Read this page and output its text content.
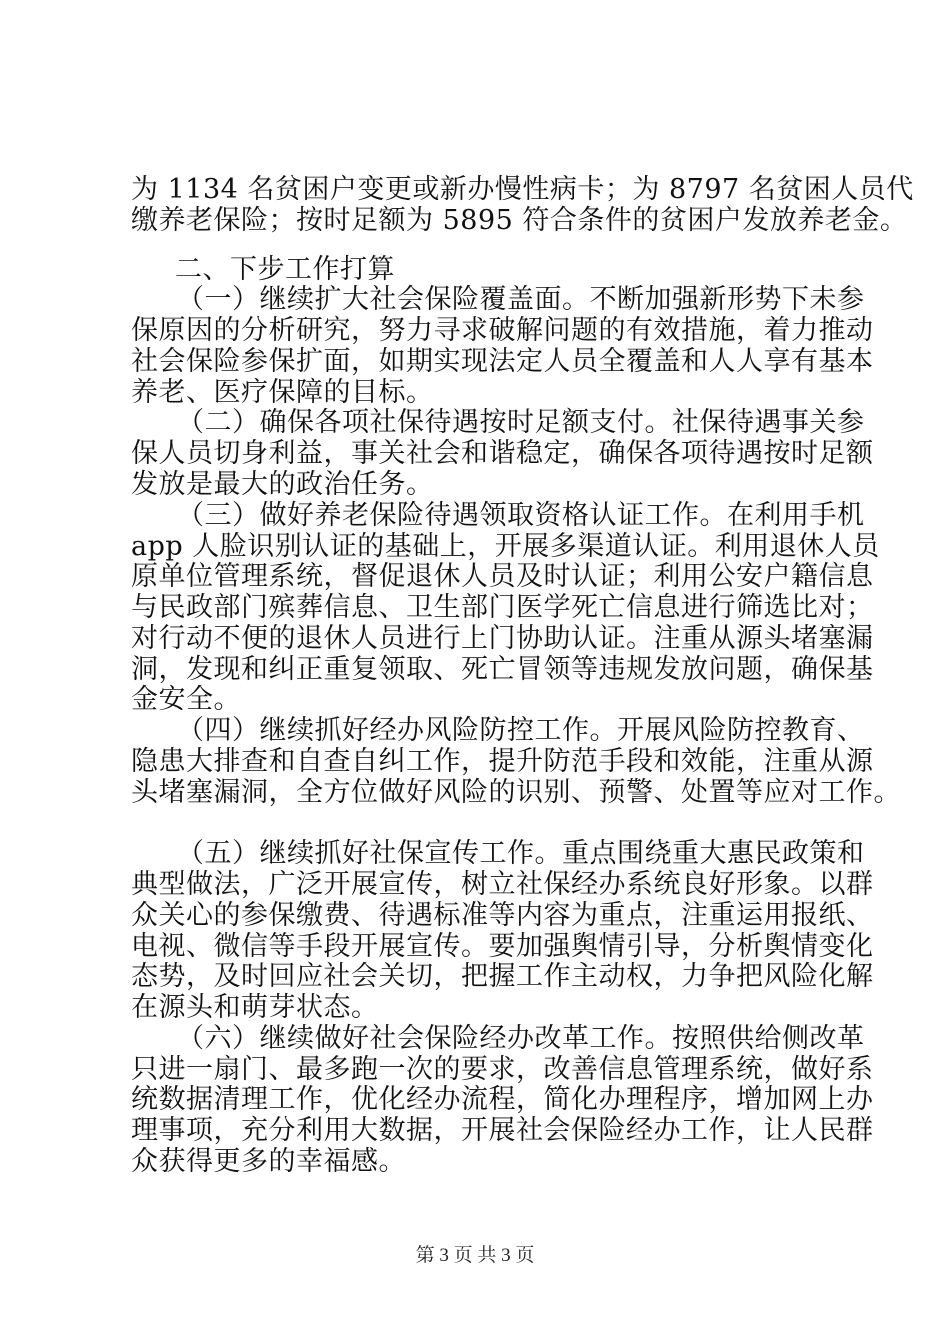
为 1134 名贫困户变更或新办慢性病卡；为 8797 名贫困人员代
缴养老保险；按时足额为 5895 符合条件的贫困户发放养老金。
二、下步工作打算
（一）继续扩大社会保险覆盖面。不断加强新形势下未参
保原因的分析研究，努力寻求破解问题的有效措施，着力推动
社会保险参保扩面，如期实现法定人员全覆盖和人人享有基本
养老、医疗保障的目标。
（二）确保各项社保待遇按时足额支付。社保待遇事关参
保人员切身利益，事关社会和谐稳定，确保各项待遇按时足额
发放是最大的政治任务。
（三）做好养老保险待遇领取资格认证工作。在利用手机
app 人脸识别认证的基础上，开展多渠道认证。利用退休人员
原单位管理系统，督促退休人员及时认证；利用公安户籍信息
与民政部门殡葬信息、卫生部门医学死亡信息进行筛选比对；
对行动不便的退休人员进行上门协助认证。注重从源头堵塞漏
洞，发现和纠正重复领取、死亡冒领等违规发放问题，确保基
金安全。
（四）继续抓好经办风险防控工作。开展风险防控教育、
隐患大排查和自查自纠工作，提升防范手段和效能，注重从源
头堵塞漏洞，全方位做好风险的识别、预警、处置等应对工作。
（五）继续抓好社保宣传工作。重点围绕重大惠民政策和
典型做法，广泛开展宣传，树立社保经办系统良好形象。以群
众关心的参保缴费、待遇标准等内容为重点，注重运用报纸、
电视、微信等手段开展宣传。要加强舆情引导，分析舆情变化
态势，及时回应社会关切，把握工作主动权，力争把风险化解
在源头和萌芽状态。
（六）继续做好社会保险经办改革工作。按照供给侧改革
只进一扇门、最多跑一次的要求，改善信息管理系统，做好系
统数据清理工作，优化经办流程，简化办理程序，增加网上办
理事项，充分利用大数据，开展社会保险经办工作，让人民群
众获得更多的幸福感。
第 3 页 共 3 页
